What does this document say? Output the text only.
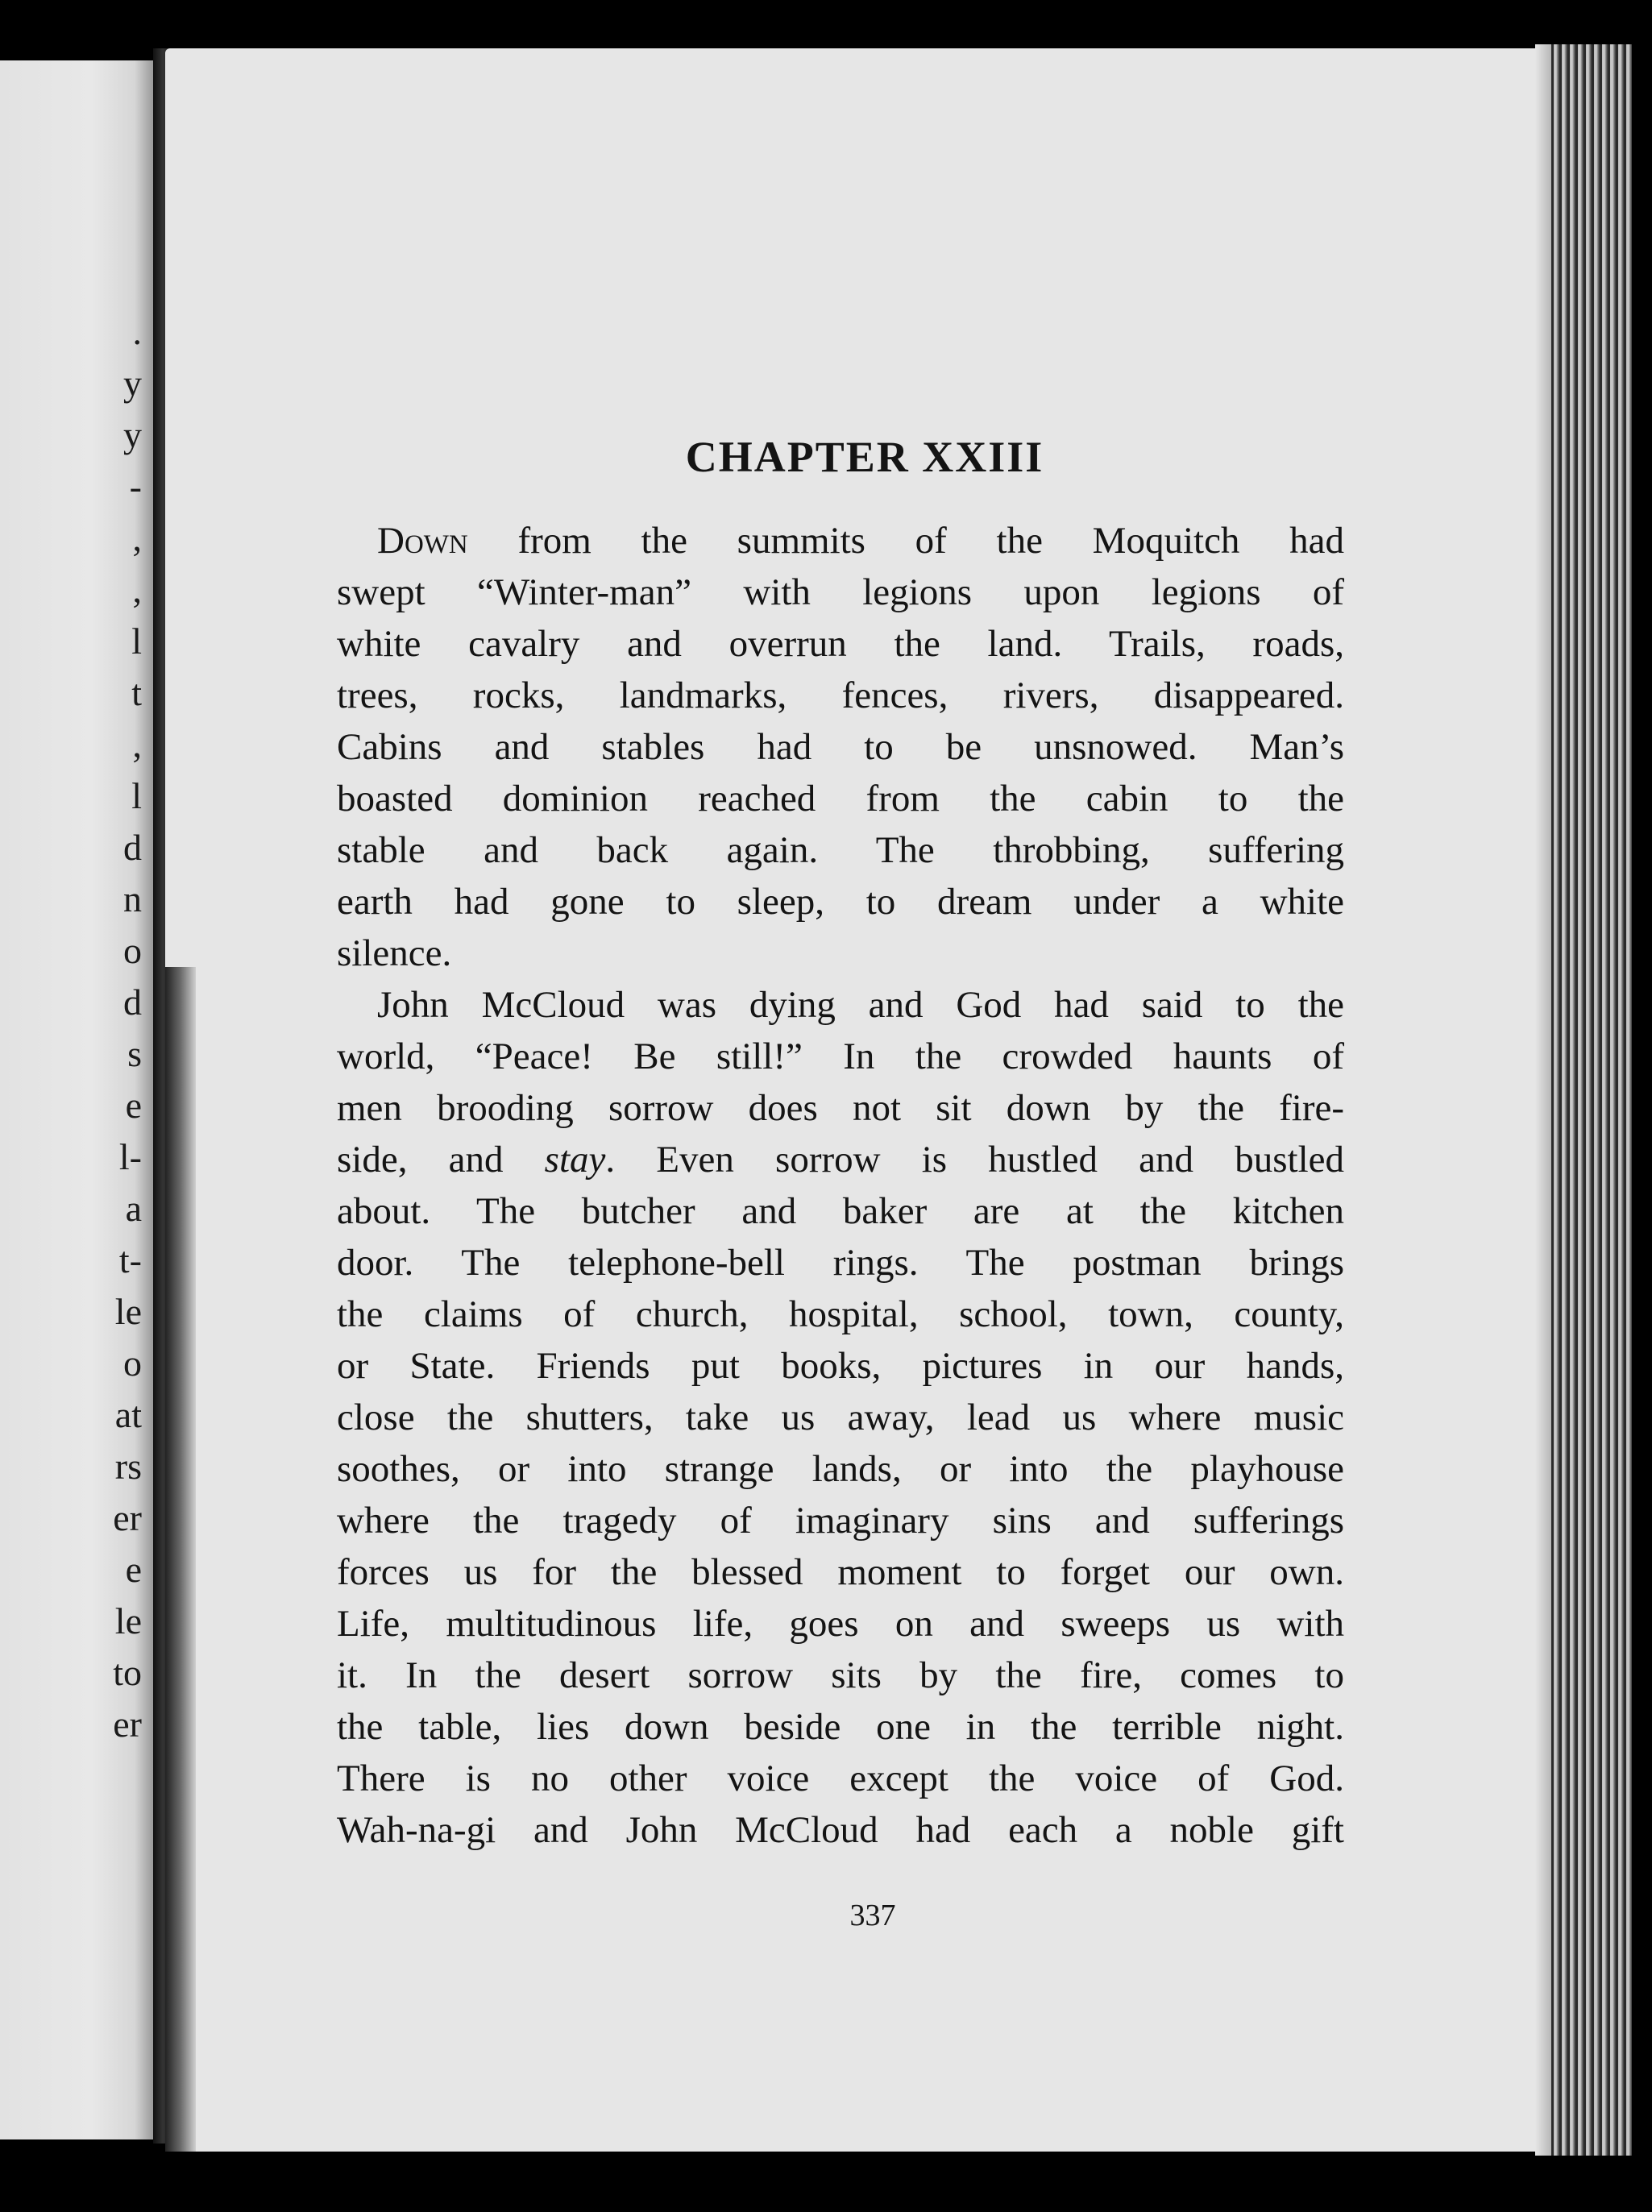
.
y
y
-
,
,
l
t
,
l
d
n
o
d
s
e
l-
a
t-
le
o
at
rs
er
e
le
to
er
CHAPTER XXIII

Down from the summits of the Moquitch had
swept “Winter-man” with legions upon legions of
white cavalry and overrun the land. Trails, roads,
trees, rocks, landmarks, fences, rivers, disappeared.
Cabins and stables had to be unsnowed. Man’s
boasted dominion reached from the cabin to the
stable and back again. The throbbing, suffering
earth had gone to sleep, to dream under a white
silence.

John McCloud was dying and God had said to the
world, “Peace! Be still!” In the crowded haunts of
men brooding sorrow does not sit down by the fire-
side, and stay. Even sorrow is hustled and bustled
about. The butcher and baker are at the kitchen
door. The telephone-bell rings. The postman brings
the claims of church, hospital, school, town, county,
or State. Friends put books, pictures in our hands,
close the shutters, take us away, lead us where music
soothes, or into strange lands, or into the playhouse
where the tragedy of imaginary sins and sufferings
forces us for the blessed moment to forget our own.
Life, multitudinous life, goes on and sweeps us with
it. In the desert sorrow sits by the fire, comes to
the table, lies down beside one in the terrible night.
There is no other voice except the voice of God.
Wah-na-gi and John McCloud had each a noble gift

337
